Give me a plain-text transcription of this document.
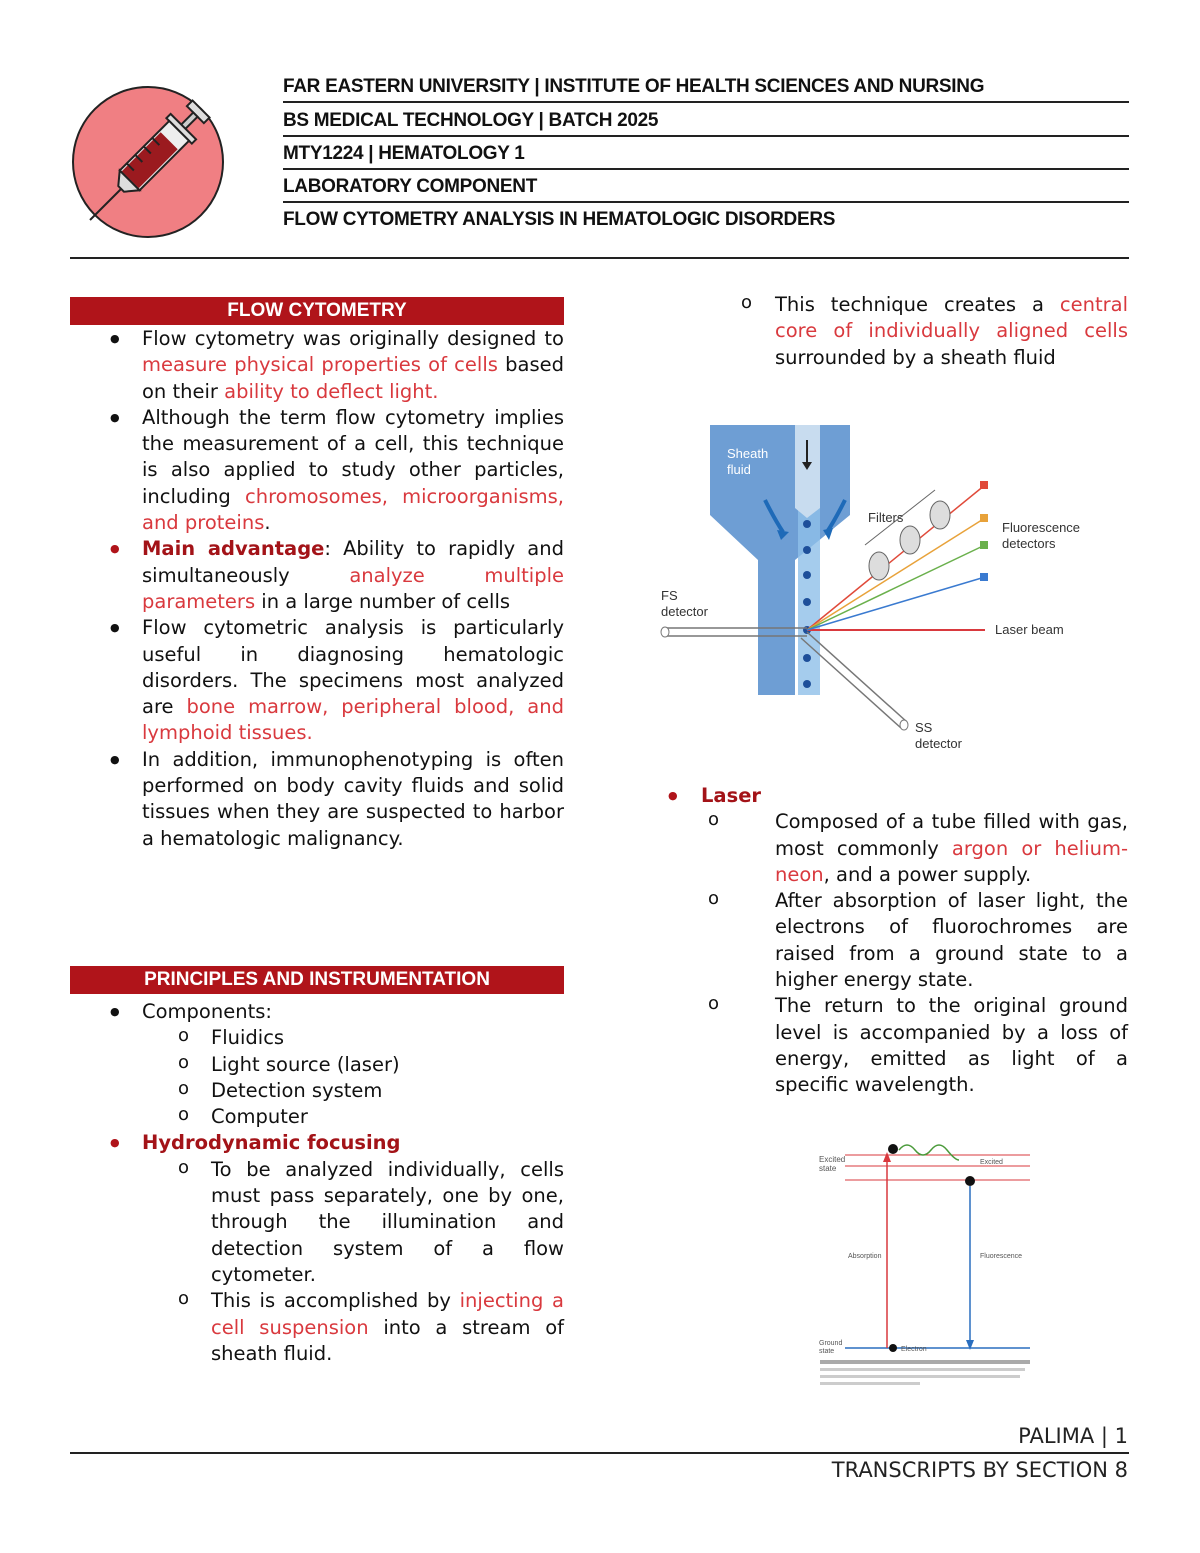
FAR EASTERN UNIVERSITY | INSTITUTE OF HEALTH SCIENCES AND NURSING
BS MEDICAL TECHNOLOGY | BATCH 2025
MTY1224 | HEMATOLOGY 1
LABORATORY COMPONENT
FLOW CYTOMETRY ANALYSIS IN HEMATOLOGIC DISORDERS
FLOW CYTOMETRY

● Flow cytometry was originally designed to measure physical properties of cells based on their ability to deflect light.

● Although the term flow cytometry implies the measurement of a cell, this technique is also applied to study other particles, including chromosomes, microorganisms, and proteins.

● Main advantage: Ability to rapidly and simultaneously analyze multiple parameters in a large number of cells

● Flow cytometric analysis is particularly useful in diagnosing hematologic disorders. The specimens most analyzed are bone marrow, peripheral blood, and lymphoid tissues.

● In addition, immunophenotyping is often performed on body cavity fluids and solid tissues when they are suspected to harbor a hematologic malignancy.

PRINCIPLES AND INSTRUMENTATION

● Components:

o Fluidics

o Light source (laser)

o Detection system

o Computer

● Hydrodynamic focusing

o To be analyzed individually, cells must pass separately, one by one, through the illumination and detection system of a flow cytometer.

o This is accomplished by injecting a cell suspension into a stream of sheath fluid.

o This technique creates a central core of individually aligned cells surrounded by a sheath fluid

Sheath fluid
FS detector
Laser beam
SS detector
Filters
Fluorescence detectors

● Laser

o Composed of a tube filled with gas, most commonly argon or helium-neon, and a power supply.

o After absorption of laser light, the electrons of fluorochromes are raised from a ground state to a higher energy state.

o The return to the original ground level is accompanied by a loss of energy, emitted as light of a specific wavelength.

Excited state
Excited
Absorption	Fluorescence
Ground state	Electron
PALIMA | 1
TRANSCRIPTS BY SECTION 8
